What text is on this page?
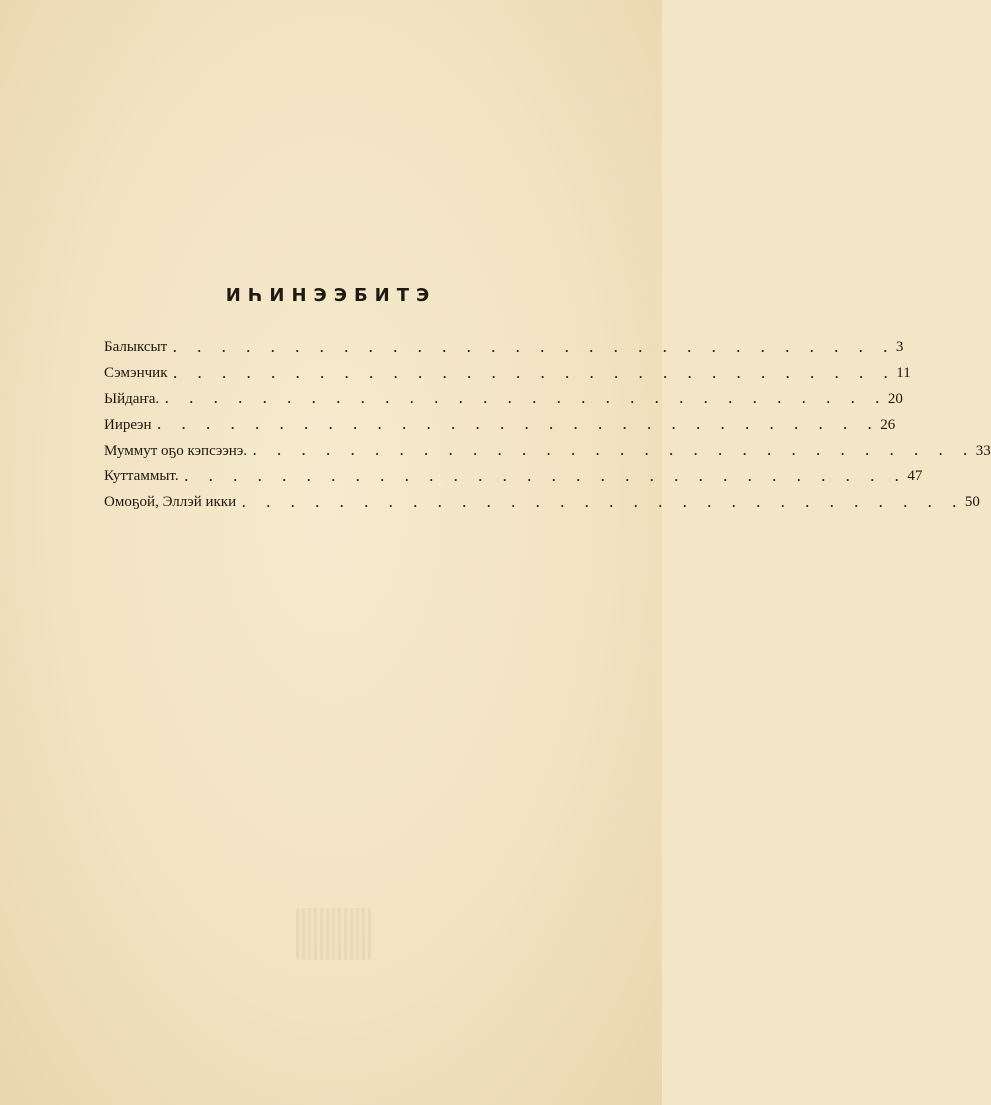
ИҺИНЭЭБИТЭ
Балыксыт . . . . . . . . . . . . . . . . . . . . . . . . . . . . . . 3
Сэмэнчик . . . . . . . . . . . . . . . . . . . . . . . . . . . . . . 11
Ыйдаҥа. . . . . . . . . . . . . . . . . . . . . . . . . . . . . . . 20
Ииреэн . . . . . . . . . . . . . . . . . . . . . . . . . . . . . . 26
Муммут оҕо кэпсээнэ. . . . . . . . . . . . . . . . . . . . . . . . . . . . . . . 33
Куттаммыт. . . . . . . . . . . . . . . . . . . . . . . . . . . . . . . 47
Омоҕой, Эллэй икки . . . . . . . . . . . . . . . . . . . . . . . . . . . . . . 50
